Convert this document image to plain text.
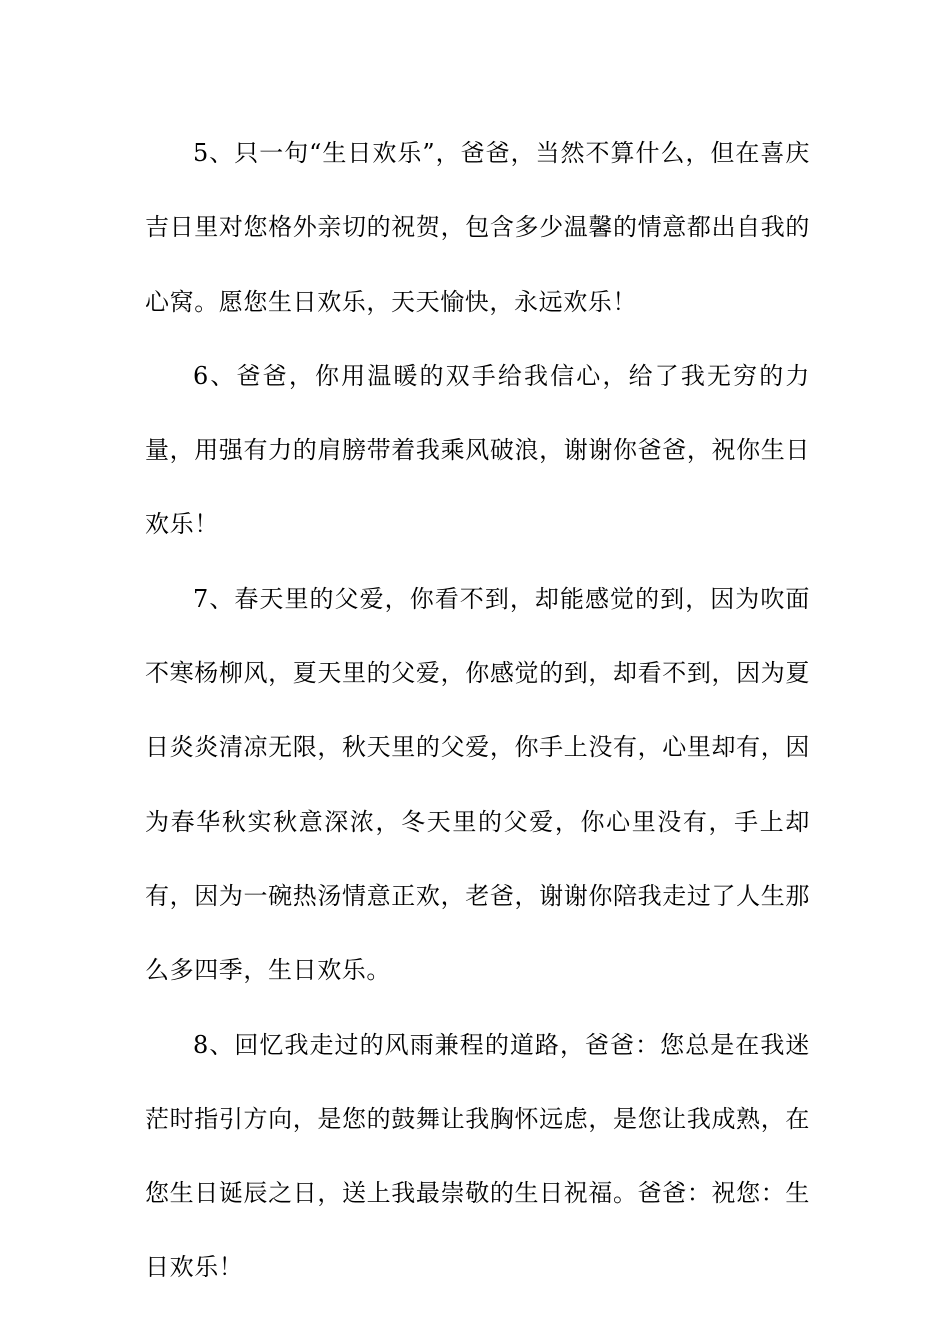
5、只一句“生日欢乐”，爸爸，当然不算什么，但在喜庆吉日里对您格外亲切的祝贺，包含多少温馨的情意都出自我的心窝。愿您生日欢乐，天天愉快，永远欢乐！

6、爸爸，你用温暖的双手给我信心，给了我无穷的力量，用强有力的肩膀带着我乘风破浪，谢谢你爸爸，祝你生日欢乐！

7、春天里的父爱，你看不到，却能感觉的到，因为吹面不寒杨柳风，夏天里的父爱，你感觉的到，却看不到，因为夏日炎炎清凉无限，秋天里的父爱，你手上没有，心里却有，因为春华秋实秋意深浓，冬天里的父爱，你心里没有，手上却有，因为一碗热汤情意正欢，老爸，谢谢你陪我走过了人生那么多四季，生日欢乐。

8、回忆我走过的风雨兼程的道路，爸爸：您总是在我迷茫时指引方向，是您的鼓舞让我胸怀远虑，是您让我成熟，在您生日诞辰之日，送上我最崇敬的生日祝福。爸爸：祝您：生日欢乐！
